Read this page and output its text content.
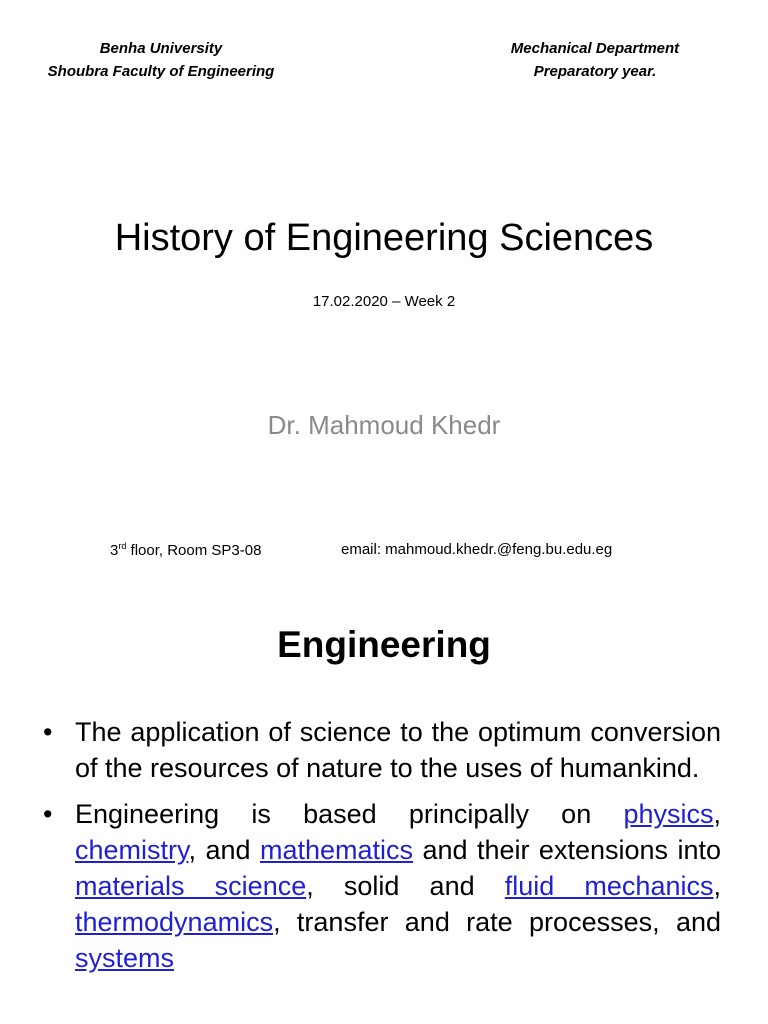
Benha University
Shoubra Faculty of Engineering
Mechanical Department
Preparatory year.
History of Engineering Sciences
17.02.2020 – Week 2
Dr. Mahmoud Khedr
3rd floor, Room SP3-08	email: mahmoud.khedr.@feng.bu.edu.eg
Engineering
• The application of science to the optimum conversion of the resources of nature to the uses of humankind.
• Engineering is based principally on physics, chemistry, and mathematics and their extensions into materials science, solid and fluid mechanics, thermodynamics, transfer and rate processes, and systems
